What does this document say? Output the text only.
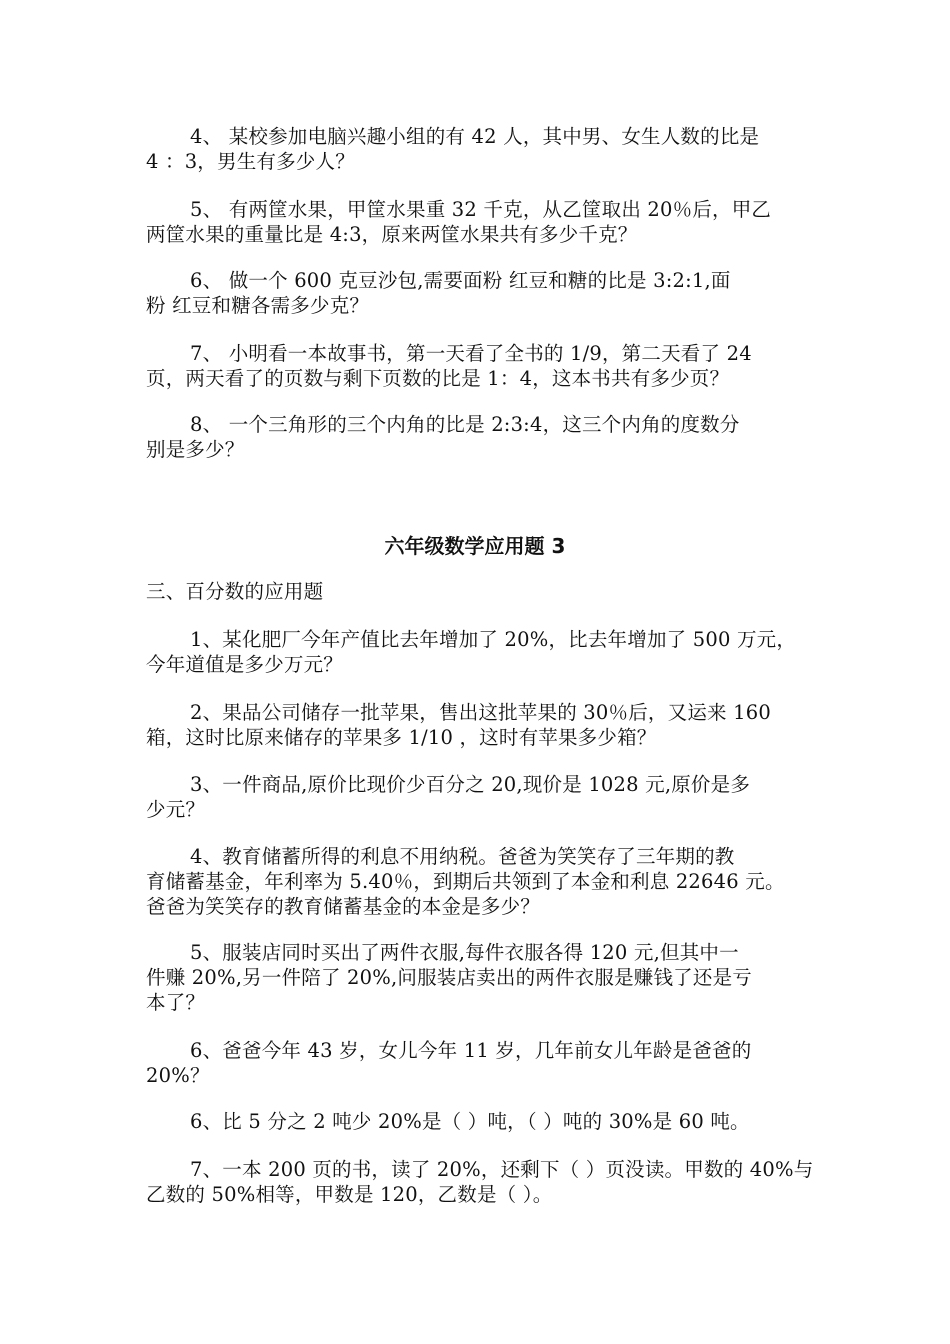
4、 某校参加电脑兴趣小组的有 42 人，其中男、女生人数的比是
4 ：3，男生有多少人？

5、 有两筐水果，甲筐水果重 32 千克，从乙筐取出 20％后，甲乙
两筐水果的重量比是 4:3，原来两筐水果共有多少千克？

6、 做一个 600 克豆沙包,需要面粉 红豆和糖的比是 3:2:1,面
粉 红豆和糖各需多少克？

7、 小明看一本故事书，第一天看了全书的 1/9，第二天看了 24
页，两天看了的页数与剩下页数的比是 1：4，这本书共有多少页？

8、 一个三角形的三个内角的比是 2:3:4，这三个内角的度数分
别是多少？

六年级数学应用题 3

三、百分数的应用题

1、某化肥厂今年产值比去年增加了 20%，比去年增加了 500 万元，
今年道值是多少万元？

2、果品公司储存一批苹果，售出这批苹果的 30％后，又运来 160
箱，这时比原来储存的苹果多 1/10 ，这时有苹果多少箱？

3、一件商品,原价比现价少百分之 20,现价是 1028 元,原价是多
少元？

4、教育储蓄所得的利息不用纳税。爸爸为笑笑存了三年期的教
育储蓄基金，年利率为 5.40％，到期后共领到了本金和利息 22646 元。
爸爸为笑笑存的教育储蓄基金的本金是多少？

5、服装店同时买出了两件衣服,每件衣服各得 120 元,但其中一
件赚 20%,另一件陪了 20%,问服装店卖出的两件衣服是赚钱了还是亏
本了？

6、爸爸今年 43 岁，女儿今年 11 岁，几年前女儿年龄是爸爸的
20%？

6、比 5 分之 2 吨少 20%是（ ）吨，（ ）吨的 30%是 60 吨。

7、一本 200 页的书，读了 20%，还剩下（ ）页没读。甲数的 40%与
乙数的 50%相等，甲数是 120，乙数是（ ）。
